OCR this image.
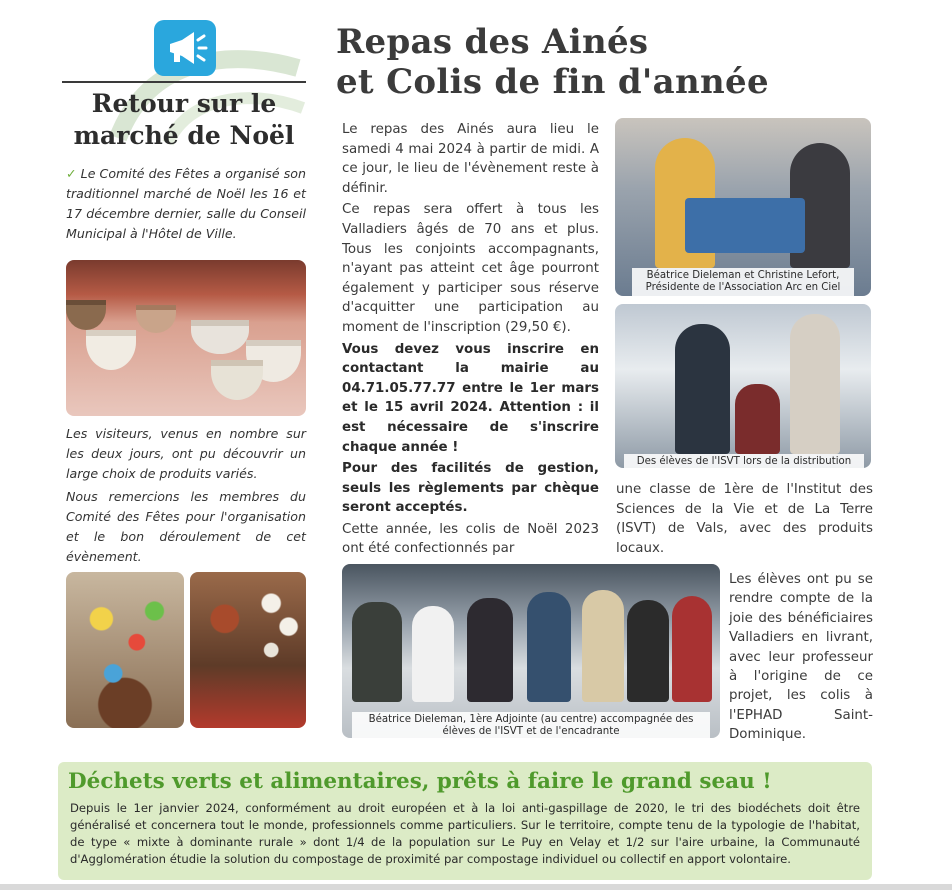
Retour sur le marché de Noël
✓ Le Comité des Fêtes a organisé son traditionnel marché de Noël les 16 et 17 décembre dernier, salle du Conseil Municipal à l'Hôtel de Ville.
Les visiteurs, venus en nombre sur les deux jours, ont pu découvrir un large choix de produits variés.
Nous remercions les membres du Comité des Fêtes pour l'organisation et le bon déroulement de cet évènement.
Repas des Ainés
et Colis de fin d'année

Le repas des Ainés aura lieu le samedi 4 mai 2024 à partir de midi. A ce jour, le lieu de l'évènement reste à définir.

Ce repas sera offert à tous les Valladiers âgés de 70 ans et plus. Tous les conjoints accompagnants, n'ayant pas atteint cet âge pourront également y participer sous réserve d'acquitter une participation au moment de l'inscription (29,50 €).

Vous devez vous inscrire en contactant la mairie au 04.71.05.77.77 entre le 1er mars et le 15 avril 2024. Attention : il est nécessaire de s'inscrire chaque année !

Pour des facilités de gestion, seuls les règlements par chèque seront acceptés.

Cette année, les colis de Noël 2023 ont été confectionnés par

Béatrice Dieleman et Christine Lefort, Présidente de l'Association Arc en Ciel
Des élèves de l'ISVT lors de la distribution
une classe de 1ère de l'Institut des Sciences de la Vie et de La Terre (ISVT) de Vals, avec des produits locaux.
Béatrice Dieleman, 1ère Adjointe (au centre) accompagnée des élèves de l'ISVT et de l'encadrante
Les élèves ont pu se rendre compte de la joie des bénéficiaires Valladiers en livrant, avec leur professeur à l'origine de ce projet, les colis à l'EPHAD Saint-Dominique.
Déchets verts et alimentaires, prêts à faire le grand seau !
Depuis le 1er janvier 2024, conformément au droit européen et à la loi anti-gaspillage de 2020, le tri des biodéchets doit être généralisé et concernera tout le monde, professionnels comme particuliers. Sur le territoire, compte tenu de la typologie de l'habitat, de type « mixte à dominante rurale » dont 1/4 de la population sur Le Puy en Velay et 1/2 sur l'aire urbaine, la Communauté d'Agglomération étudie la solution du compostage de proximité par compostage individuel ou collectif en apport volontaire.
